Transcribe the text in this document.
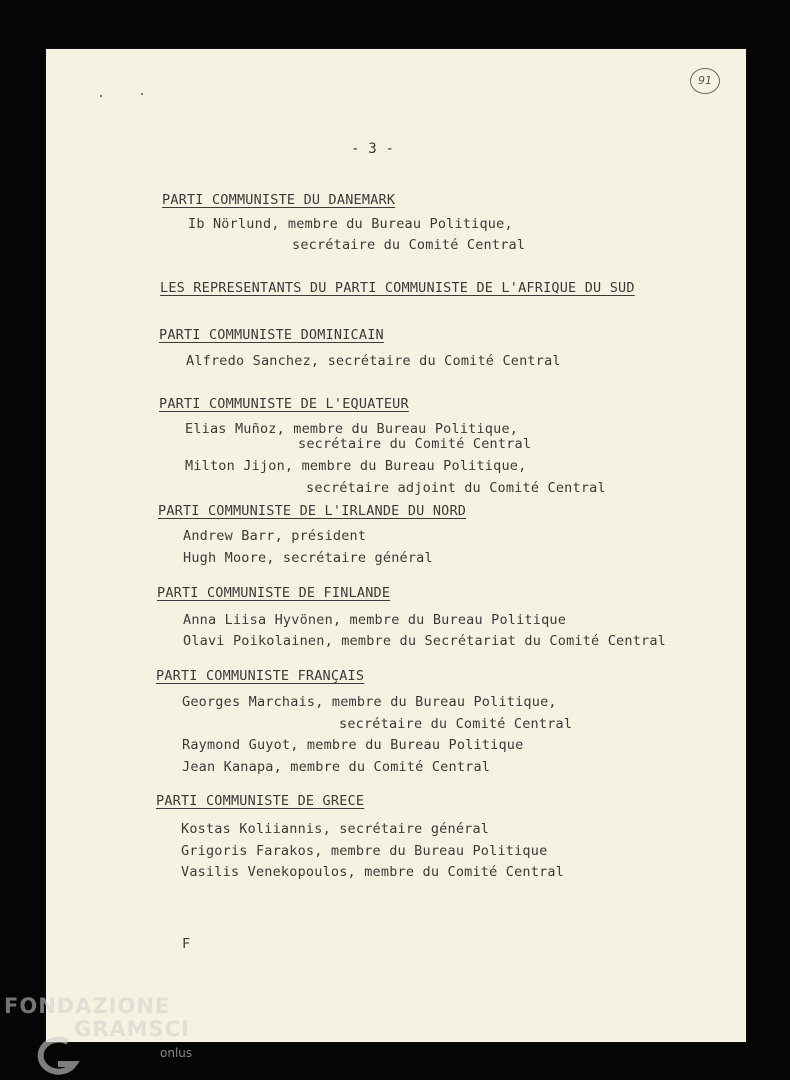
91
- 3 -
PARTI COMMUNISTE DU DANEMARK
Ib Nörlund, membre du Bureau Politique,
secrétaire du Comité Central
LES REPRESENTANTS DU PARTI COMMUNISTE DE L'AFRIQUE DU SUD
PARTI COMMUNISTE DOMINICAIN
Alfredo Sanchez, secrétaire du Comité Central
PARTI COMMUNISTE DE L'EQUATEUR
Elias Muñoz, membre du Bureau Politique,
secrétaire du Comité Central
Milton Jijon, membre du Bureau Politique,
secrétaire adjoint du Comité Central
PARTI COMMUNISTE DE L'IRLANDE DU NORD
Andrew Barr, président
Hugh Moore, secrétaire général
PARTI COMMUNISTE DE FINLANDE
Anna Liisa Hyvönen, membre du Bureau Politique
Olavi Poikolainen, membre du Secrétariat du Comité Central
PARTI COMMUNISTE FRANÇAIS
Georges Marchais, membre du Bureau Politique,
secrétaire du Comité Central
Raymond Guyot, membre du Bureau Politique
Jean Kanapa, membre du Comité Central
PARTI COMMUNISTE DE GRECE
Kostas Koliiannis, secrétaire général
Grigoris Farakos, membre du Bureau Politique
Vasilis Venekopoulos, membre du Comité Central
F
FONDAZIONE
GRAMSCI
onlus
